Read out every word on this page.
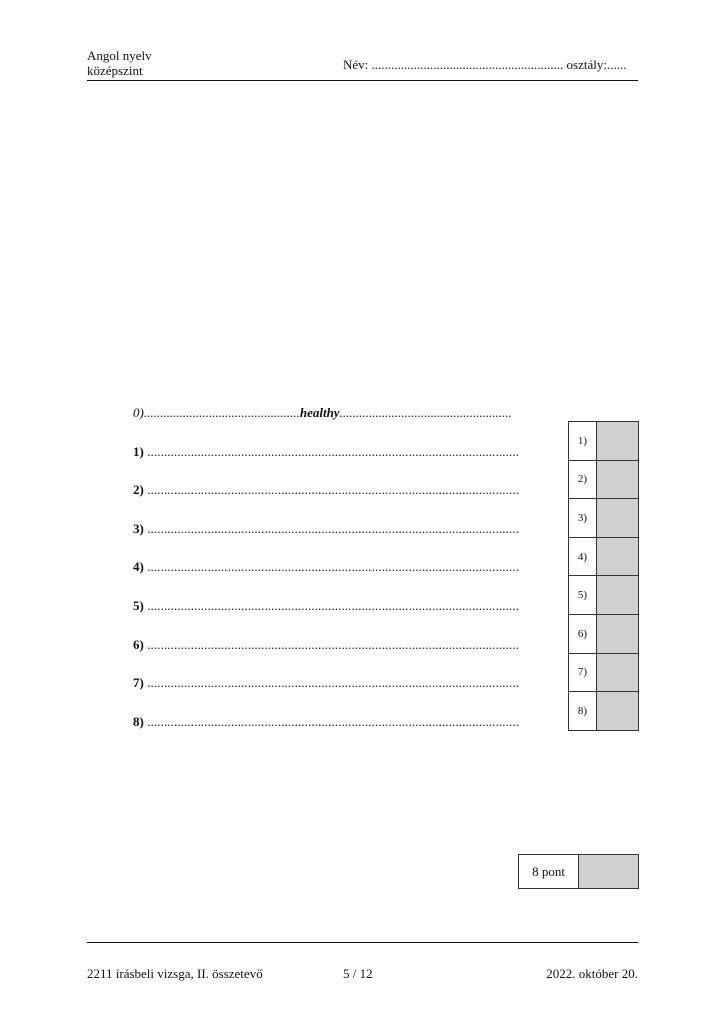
Angol nyelv
középszint	Név: ........................................................... osztály:......
0)................................................healthy.....................................................
1) ...............................................................................................................
2) ...............................................................................................................
3) ...............................................................................................................
4) ...............................................................................................................
5) ...............................................................................................................
6) ...............................................................................................................
7) ...............................................................................................................
8) ...............................................................................................................
1)	
2)	
3)	
4)	
5)	
6)	
7)	
8)	
8 pont	
2211 írásbeli vizsga, II. összetevő	5 / 12	2022. október 20.
